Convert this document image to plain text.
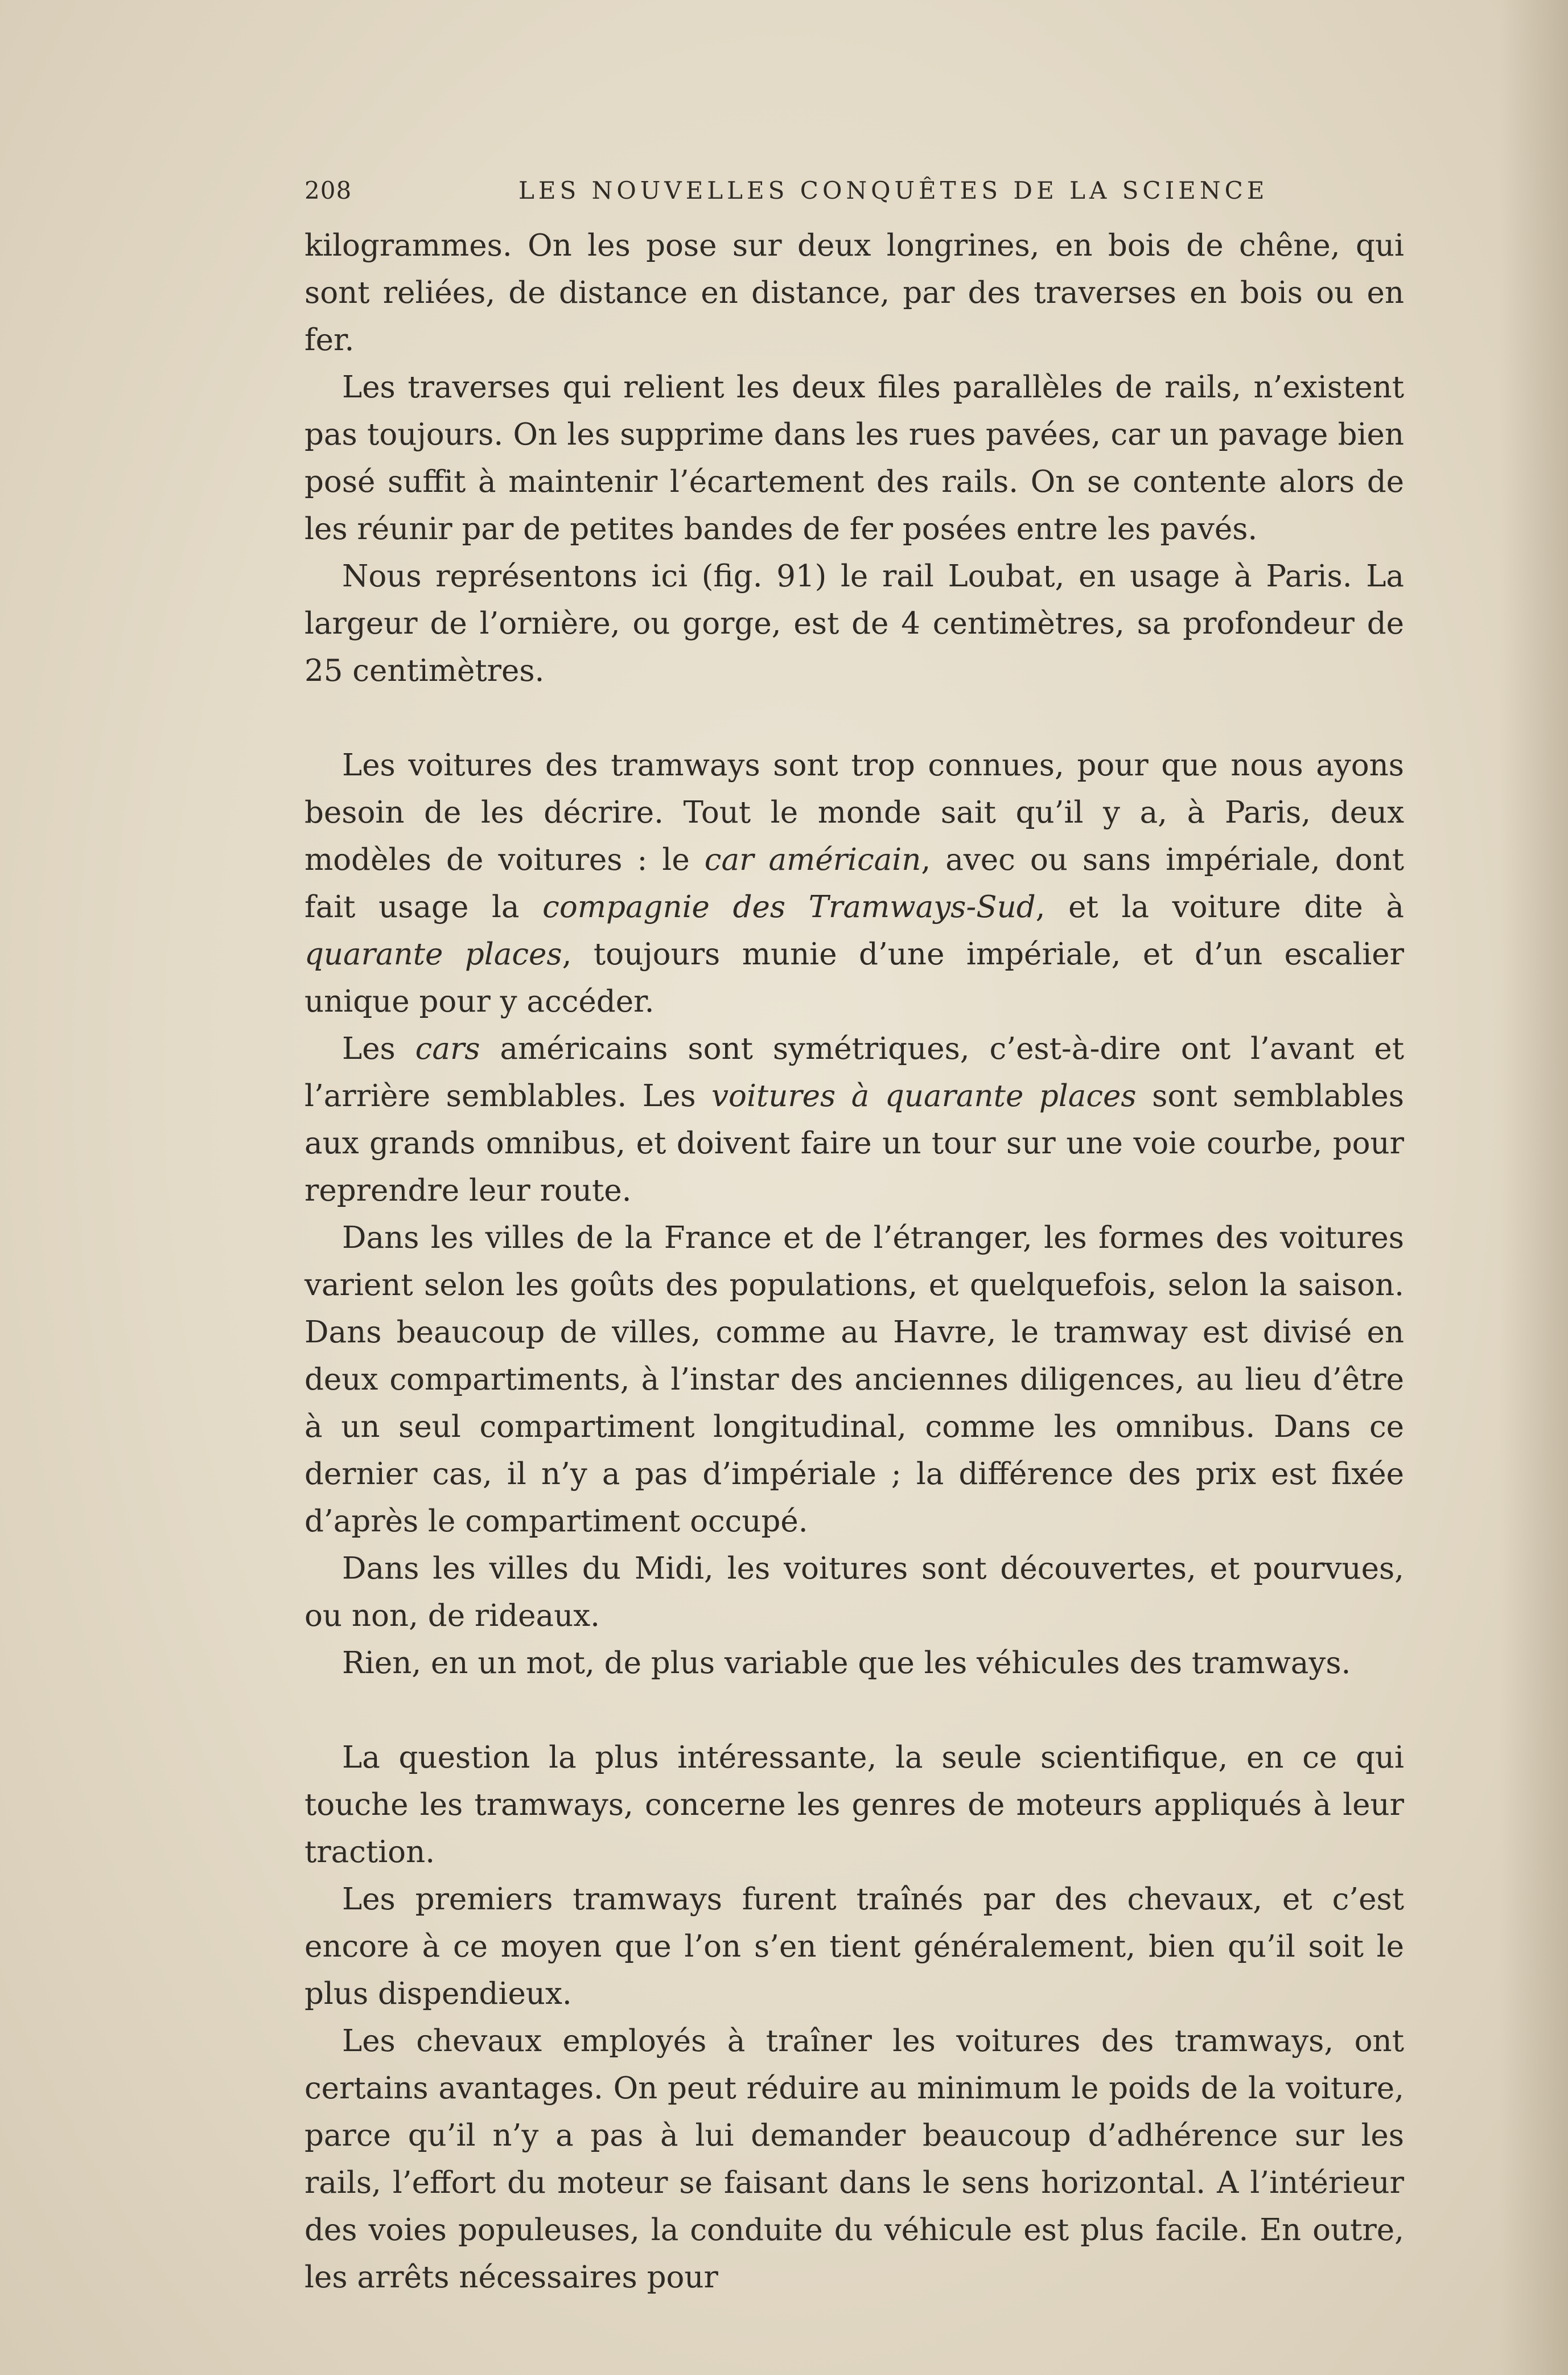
208	LES NOUVELLES CONQUÊTES DE LA SCIENCE

kilogrammes. On les pose sur deux longrines, en bois de chêne, qui sont reliées, de distance en distance, par des traverses en bois ou en fer.

Les traverses qui relient les deux files parallèles de rails, n’existent pas toujours. On les supprime dans les rues pavées, car un pavage bien posé suffit à maintenir l’écartement des rails. On se contente alors de les réunir par de petites bandes de fer posées entre les pavés.

Nous représentons ici (fig. 91) le rail Loubat, en usage à Paris. La largeur de l’ornière, ou gorge, est de 4 centimètres, sa profondeur de 25 centimètres.

Les voitures des tramways sont trop connues, pour que nous ayons besoin de les décrire. Tout le monde sait qu’il y a, à Paris, deux modèles de voitures : le car américain, avec ou sans impériale, dont fait usage la compagnie des Tramways-Sud, et la voiture dite à quarante places, toujours munie d’une impériale, et d’un escalier unique pour y accéder.

Les cars américains sont symétriques, c’est-à-dire ont l’avant et l’arrière semblables. Les voitures à quarante places sont semblables aux grands omnibus, et doivent faire un tour sur une voie courbe, pour reprendre leur route.

Dans les villes de la France et de l’étranger, les formes des voitures varient selon les goûts des populations, et quelquefois, selon la saison. Dans beaucoup de villes, comme au Havre, le tramway est divisé en deux compartiments, à l’instar des anciennes diligences, au lieu d’être à un seul compartiment longitudinal, comme les omnibus. Dans ce dernier cas, il n’y a pas d’impériale ; la différence des prix est fixée d’après le compartiment occupé.

Dans les villes du Midi, les voitures sont découvertes, et pourvues, ou non, de rideaux.

Rien, en un mot, de plus variable que les véhicules des tramways.

La question la plus intéressante, la seule scientifique, en ce qui touche les tramways, concerne les genres de moteurs appliqués à leur traction.

Les premiers tramways furent traînés par des chevaux, et c’est encore à ce moyen que l’on s’en tient généralement, bien qu’il soit le plus dispendieux.

Les chevaux employés à traîner les voitures des tramways, ont certains avantages. On peut réduire au minimum le poids de la voiture, parce qu’il n’y a pas à lui demander beaucoup d’adhérence sur les rails, l’effort du moteur se faisant dans le sens horizontal. A l’intérieur des voies populeuses, la conduite du véhicule est plus facile. En outre, les arrêts nécessaires pour
